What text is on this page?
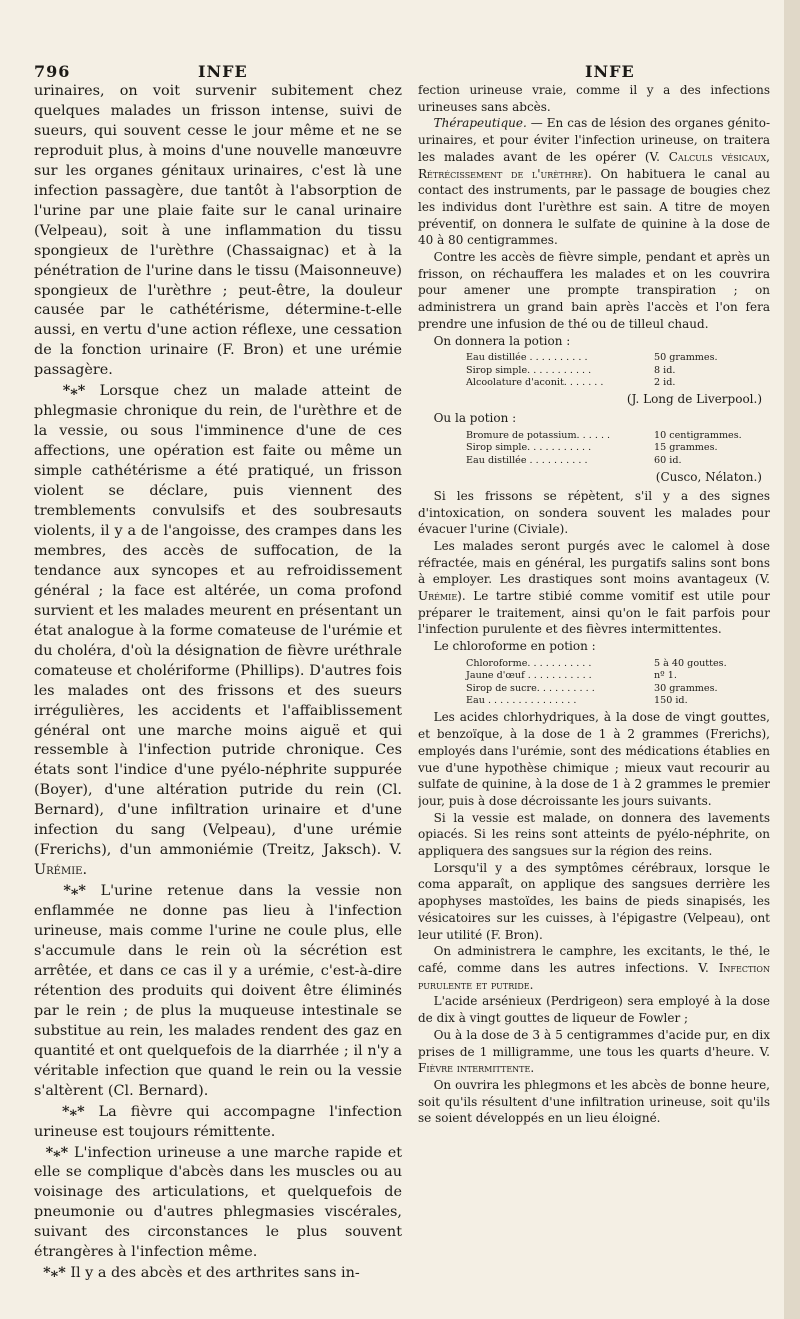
796	INFE	INFE

urinaires, on voit survenir subitement chez quelques malades un frisson intense, suivi de sueurs, qui souvent cesse le jour même et ne se reproduit plus, à moins d'une nouvelle manœuvre sur les organes génitaux urinaires, c'est là une infection passagère, due tantôt à l'absorption de l'urine par une plaie faite sur le canal urinaire (Velpeau), soit à une inflammation du tissu spongieux de l'urèthre (Chassaignac) et à la pénétration de l'urine dans le tissu (Maisonneuve) spongieux de l'urèthre ; peut-être, la douleur causée par le cathétérisme, détermine-t-elle aussi, en vertu d'une action réflexe, une cessation de la fonction urinaire (F. Bron) et une urémie passagère.

*⁎* Lorsque chez un malade atteint de phlegmasie chronique du rein, de l'urèthre et de la vessie, ou sous l'imminence d'une de ces affections, une opération est faite ou même un simple cathétérisme a été pratiqué, un frisson violent se déclare, puis viennent des tremblements convulsifs et des soubresauts violents, il y a de l'angoisse, des crampes dans les membres, des accès de suffocation, de la tendance aux syncopes et au refroidissement général ; la face est altérée, un coma profond survient et les malades meurent en présentant un état analogue à la forme comateuse de l'urémie et du choléra, d'où la désignation de fièvre uréthrale comateuse et cholériforme (Phillips). D'autres fois les malades ont des frissons et des sueurs irrégulières, les accidents et l'affaiblissement général ont une marche moins aiguë et qui ressemble à l'infection putride chronique. Ces états sont l'indice d'une pyélo-néphrite suppurée (Boyer), d'une altération putride du rein (Cl. Bernard), d'une infiltration urinaire et d'une infection du sang (Velpeau), d'une urémie (Frerichs), d'un ammoniémie (Treitz, Jaksch). V. Urémie.

*⁎* L'urine retenue dans la vessie non enflammée ne donne pas lieu à l'infection urineuse, mais comme l'urine ne coule plus, elle s'accumule dans le rein où la sécrétion est arrêtée, et dans ce cas il y a urémie, c'est-à-dire rétention des produits qui doivent être éliminés par le rein ; de plus la muqueuse intestinale se substitue au rein, les malades rendent des gaz en quantité et ont quelquefois de la diarrhée ; il n'y a véritable infection que quand le rein ou la vessie s'altèrent (Cl. Bernard).

*⁎* La fièvre qui accompagne l'infection urineuse est toujours rémittente.

*⁎* L'infection urineuse a une marche rapide et elle se complique d'abcès dans les muscles ou au voisinage des articulations, et quelquefois de pneumonie ou d'autres phlegmasies viscérales, suivant des circonstances le plus souvent étrangères à l'infection même.

*⁎* Il y a des abcès et des arthrites sans in-

fection urineuse vraie, comme il y a des infections urineuses sans abcès.

Thérapeutique. — En cas de lésion des organes génito-urinaires, et pour éviter l'infection urineuse, on traitera les malades avant de les opérer (V. Calculs vésicaux, Rétrécissement de l'urèthre). On habituera le canal au contact des instruments, par le passage de bougies chez les individus dont l'urèthre est sain. A titre de moyen préventif, on donnera le sulfate de quinine à la dose de 40 à 80 centigrammes.

Contre les accès de fièvre simple, pendant et après un frisson, on réchauffera les malades et on les couvrira pour amener une prompte transpiration ; on administrera un grand bain après l'accès et l'on fera prendre une infusion de thé ou de tilleul chaud.

On donnera la potion :

Eau distillée . . . . . . . . . .	50 grammes.
Sirop simple. . . . . . . . . . .	8 id.
Alcoolature d'aconit. . . . . . .	2 id.
(J. Long de Liverpool.)

Ou la potion :

Bromure de potassium. . . . . .	10 centigrammes.
Sirop simple. . . . . . . . . . .	15 grammes.
Eau distillée . . . . . . . . . .	60 id.
(Cusco, Nélaton.)

Si les frissons se répètent, s'il y a des signes d'intoxication, on sondera souvent les malades pour évacuer l'urine (Civiale).

Les malades seront purgés avec le calomel à dose réfractée, mais en général, les purgatifs salins sont bons à employer. Les drastiques sont moins avantageux (V. Urémie). Le tartre stibié comme vomitif est utile pour préparer le traitement, ainsi qu'on le fait parfois pour l'infection purulente et des fièvres intermittentes.

Le chloroforme en potion :

Chloroforme. . . . . . . . . . .	5 à 40 gouttes.
Jaune d'œuf . . . . . . . . . . .	nº 1.
Sirop de sucre. . . . . . . . . .	30 grammes.
Eau . . . . . . . . . . . . . . .	150 id.

Les acides chlorhydriques, à la dose de vingt gouttes, et benzoïque, à la dose de 1 à 2 grammes (Frerichs), employés dans l'urémie, sont des médications établies en vue d'une hypothèse chimique ; mieux vaut recourir au sulfate de quinine, à la dose de 1 à 2 grammes le premier jour, puis à dose décroissante les jours suivants.

Si la vessie est malade, on donnera des lavements opiacés. Si les reins sont atteints de pyélo-néphrite, on appliquera des sangsues sur la région des reins.

Lorsqu'il y a des symptômes cérébraux, lorsque le coma apparaît, on applique des sangsues derrière les apophyses mastoïdes, les bains de pieds sinapisés, les vésicatoires sur les cuisses, à l'épigastre (Velpeau), ont leur utilité (F. Bron).

On administrera le camphre, les excitants, le thé, le café, comme dans les autres infections. V. Infection purulente et putride.

L'acide arsénieux (Perdrigeon) sera employé à la dose de dix à vingt gouttes de liqueur de Fowler ;

Ou à la dose de 3 à 5 centigrammes d'acide pur, en dix prises de 1 milligramme, une tous les quarts d'heure. V. Fièvre intermittente.

On ouvrira les phlegmons et les abcès de bonne heure, soit qu'ils résultent d'une infiltration urineuse, soit qu'ils se soient développés en un lieu éloigné.
